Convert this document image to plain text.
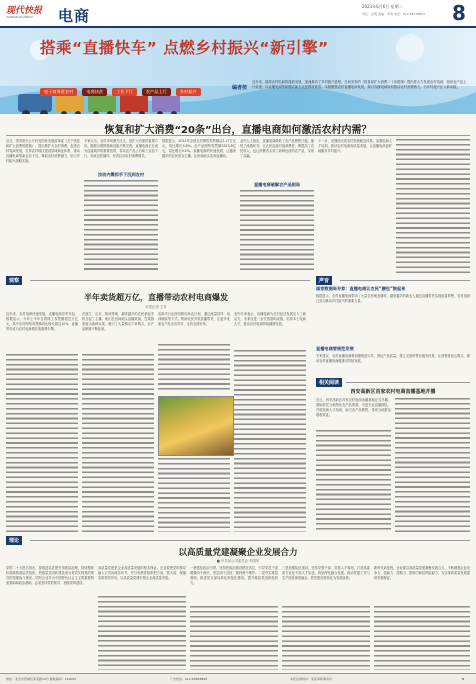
现代快报
XIANDAI KUAIBAO 电商
2023年6月6日 星期二
责任：张明 美编：李雪 电话：010-88778851 8
搭乘“直播快车” 点燃乡村振兴“新引擎”
电子商务进农村	电商扶贫	工业下行	农产品上行	乡村振兴
编者按
近年来，随着农村电商的蓬勃发展，加速推动了乡村振兴进程。日前发布的《恢复和扩大消费二十条措施》提出要大力发展农村电商，拓宽农产品上行渠道，以直播电商等新模式助力农民增收致富。本版聚焦农村直播电商发展，探讨直播电商如何激活农村消费潜力，为乡村振兴注入新动能。
恢复和扩大消费“20条”出台，直播电商如何激活农村内需？
近日，国务院办公厅转发国家发展改革委《关于恢复和扩大消费的措施》，提出要扩大农村消费，促进农村电商发展，支持农村地区建设县域商业体系，推动直播电商等新业态下沉，释放农村消费潜力，助力乡村振兴战略实施。
专家认为，农村市场潜力巨大，是扩大内需的重要方向。随着互联网基础设施不断完善，直播电商正在成为连接城乡的重要纽带，带动农产品上行和工业品下行，形成良性循环，有效拉动农村消费增长。
拉动内需抓手下沉到农村
数据显示，2022年全国农村网络零售额达2.17万亿元，同比增长3.6%。农产品网络零售额5313.8亿元，同比增长9.2%。直播电商的快速发展，让越来越多的农民成为主播，让田间地头变成直播间。
业内人士指出，直播电商降低了农产品销售门槛，缩短了流通环节，让农民直接对接消费者，既提高了农民收入，也让消费者买到了新鲜优质的农产品，实现了双赢。
直播电商破解农产品困局
下一步，应继续完善农村物流配送体系，加强电商人才培训，推动农村电商高质量发展，让直播电商更好地服务乡村振兴。
观察	声音
半年卖货超万亿，直播带动农村电商爆发
本报记者 王芳
近年来，农村电商快速发展，直播电商异军突起。数据显示，今年上半年全国网上零售额超过万亿元，其中农村网络零售额同比增长超过10%，直播带货成为农村电商增长的重要引擎。
在浙江、山东、陕西等地，越来越多的农民拿起手机当起了主播。他们在田间地头直播采摘，在果园里展示新鲜水果，吸引了大量网友下单购买，农产品销路不断拓宽。
电商平台也纷纷推出助农计划，通过流量扶持、培训赋能等方式，帮助农民开展直播带货，让更多优质农产品走出乡村，走向全国市场。
业内专家表示，直播电商为农村经济发展注入了新活力，未来应进一步完善基础设施，培育本土电商人才，推动农村电商持续健康发展。
国家数据局专家：直播电商让农民“腰包”鼓起来
数据显示，农村直播电商带动了大量农民就业增收，越来越多的新农人通过直播带货实现致富梦想，农村电商已成为推动乡村振兴的重要力量。
直播电商要规范发展
专家建议，农村直播电商要加强规范引导，保证产品质量，建立完善的售后服务体系，让消费者放心购买，推动农村直播电商健康可持续发展。
相关阅读
西安高新区首家农村电商直播基地开播
近日，西安高新区首家农村电商直播基地正式开播。基地依托当地特色农产品资源，引进专业直播团队，开展电商人才培训，助力农产品销售，带动当地群众增收致富。
理论
以高质量党建凝聚企业发展合力
■ 中共某公司委员会 李国华
党的二十大报告指出，要推进以党建引领基层治理，持续整顿软弱涣散基层党组织，把基层党组织建设成为有效实现党的领导的坚强战斗堡垒。国有企业作为中国特色社会主义的重要物质基础和政治基础，必须坚持党的领导、加强党的建设。
高质量党建是企业高质量发展的根本保证。企业要把党的领导融入公司治理各环节，充分发挥党组织把方向、管大局、保落实的领导作用，以高质量党建引领企业高质量发展。
一是强化政治引领，坚持把政治建设摆在首位，引导党员干部增强四个意识、坚定四个自信、做到两个维护。二是夯实基层基础，推进党支部标准化规范化建设，提升基层党组织组织力。
三是加强队伍建设，坚持党管干部、党管人才原则，打造高素质专业化干部人才队伍。四是深化融合发展，推动党建工作与生产经营深度融合，把党建优势转化为发展优势。
新时代新征程，企业要以高质量党建凝聚发展合力，不断增强企业竞争力、创新力、控制力、影响力和抗风险能力，为实现高质量发展提供坚强保证。
地址：北京市西城区某某路18号 邮政编码：100000	广告热线：010-88888888	本报法律顾问：某某律师事务所	8
